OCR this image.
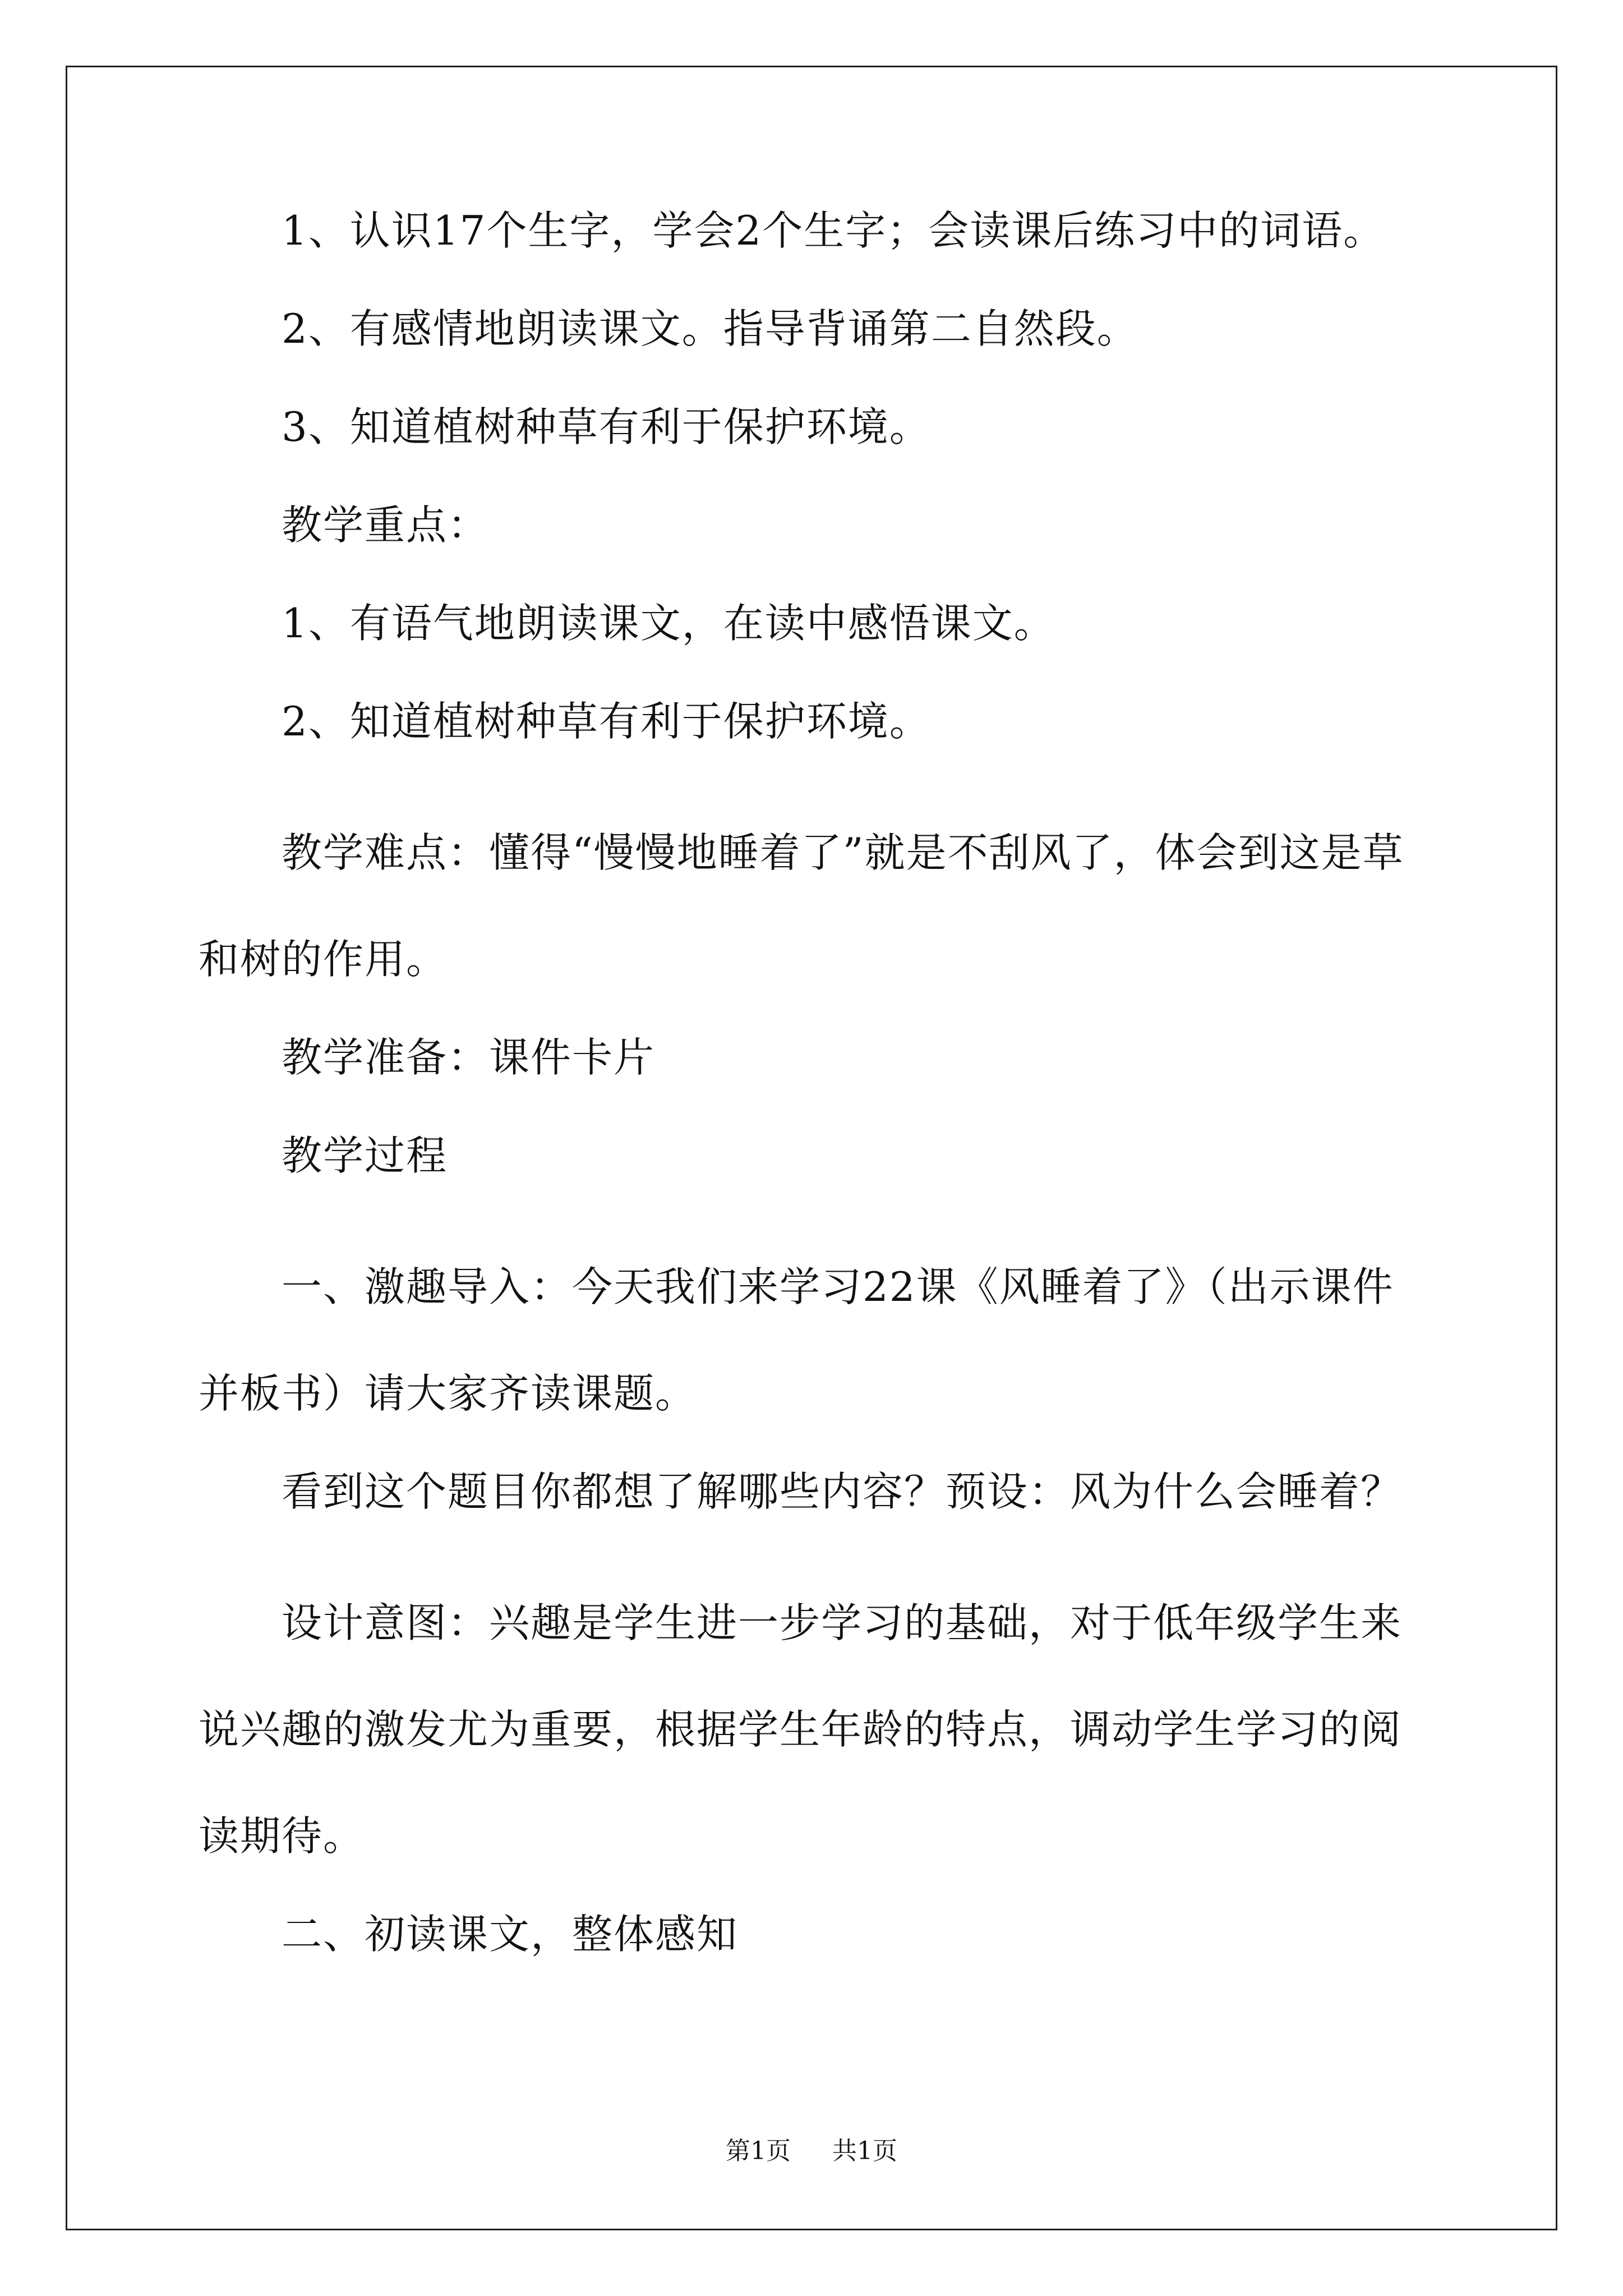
1、认识17个生字，学会2个生字；会读课后练习中的词语。

2、有感情地朗读课文。指导背诵第二自然段。

3、知道植树种草有利于保护环境。

教学重点：

1、有语气地朗读课文，在读中感悟课文。

2、知道植树种草有利于保护环境。

教学难点：懂得“慢慢地睡着了”就是不刮风了，体会到这是草和树的作用。

教学准备：课件卡片

教学过程

一、激趣导入：今天我们来学习22课《风睡着了》（出示课件并板书）请大家齐读课题。

看到这个题目你都想了解哪些内容？预设：风为什么会睡着？

设计意图：兴趣是学生进一步学习的基础，对于低年级学生来说兴趣的激发尤为重要，根据学生年龄的特点，调动学生学习的阅读期待。

二、初读课文，整体感知

第1页 共1页
